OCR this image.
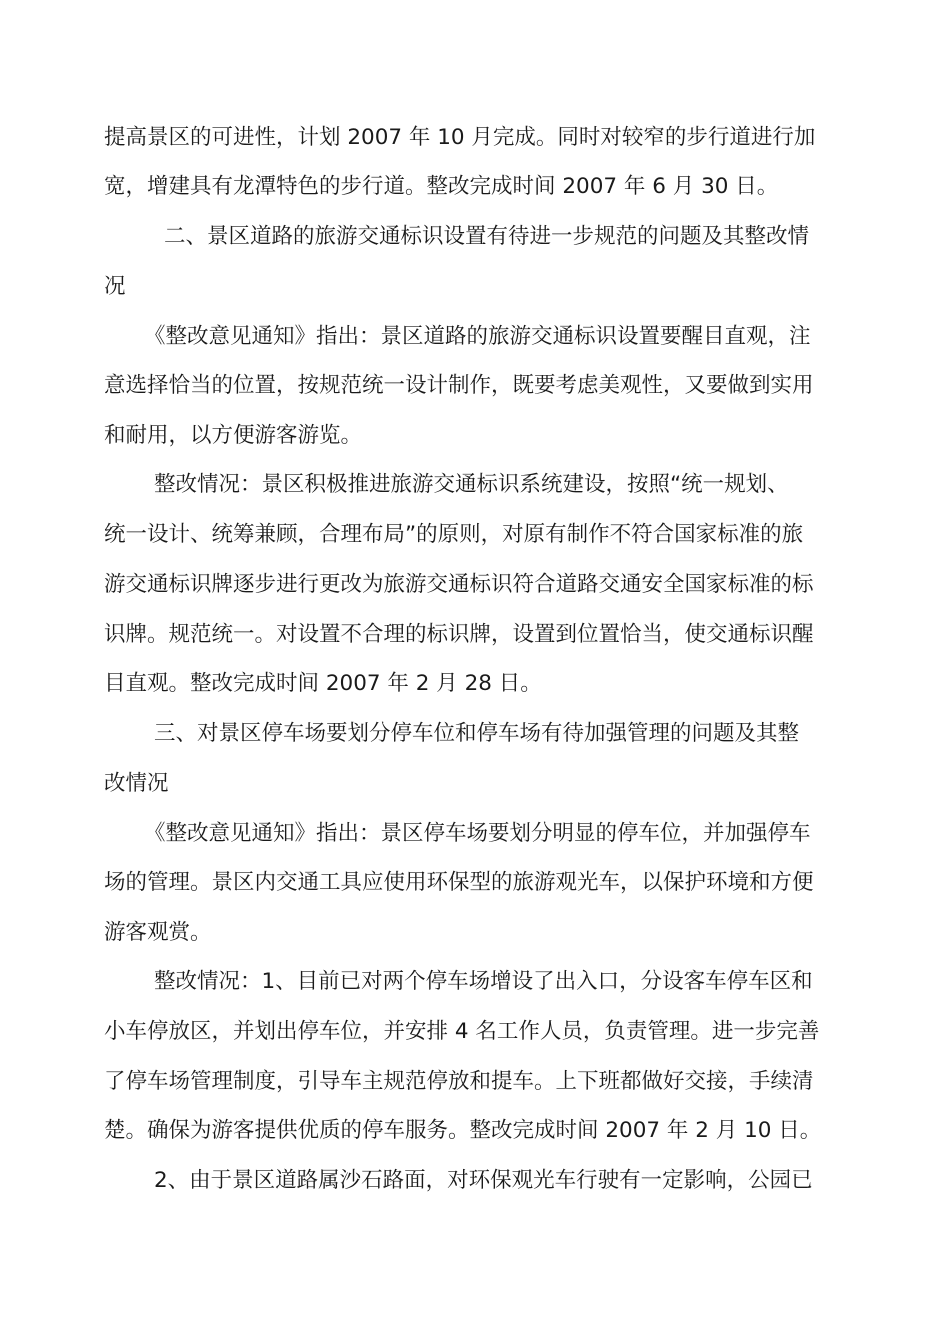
提高景区的可进性，计划 2007 年 10 月完成。同时对较窄的步行道进行加
宽，增建具有龙潭特色的步行道。整改完成时间 2007 年 6 月 30 日。
二、景区道路的旅游交通标识设置有待进一步规范的问题及其整改情
况
《整改意见通知》指出：景区道路的旅游交通标识设置要醒目直观，注
意选择恰当的位置，按规范统一设计制作，既要考虑美观性，又要做到实用
和耐用，以方便游客游览。
整改情况：景区积极推进旅游交通标识系统建设，按照“统一规划、
统一设计、统筹兼顾，合理布局”的原则，对原有制作不符合国家标准的旅
游交通标识牌逐步进行更改为旅游交通标识符合道路交通安全国家标准的标
识牌。规范统一。对设置不合理的标识牌，设置到位置恰当，使交通标识醒
目直观。整改完成时间 2007 年 2 月 28 日。
三、对景区停车场要划分停车位和停车场有待加强管理的问题及其整
改情况
《整改意见通知》指出：景区停车场要划分明显的停车位，并加强停车
场的管理。景区内交通工具应使用环保型的旅游观光车，以保护环境和方便
游客观赏。
整改情况：1、目前已对两个停车场增设了出入口，分设客车停车区和
小车停放区，并划出停车位，并安排 4 名工作人员，负责管理。进一步完善
了停车场管理制度，引导车主规范停放和提车。上下班都做好交接，手续清
楚。确保为游客提供优质的停车服务。整改完成时间 2007 年 2 月 10 日。
2、由于景区道路属沙石路面，对环保观光车行驶有一定影响，公园已
